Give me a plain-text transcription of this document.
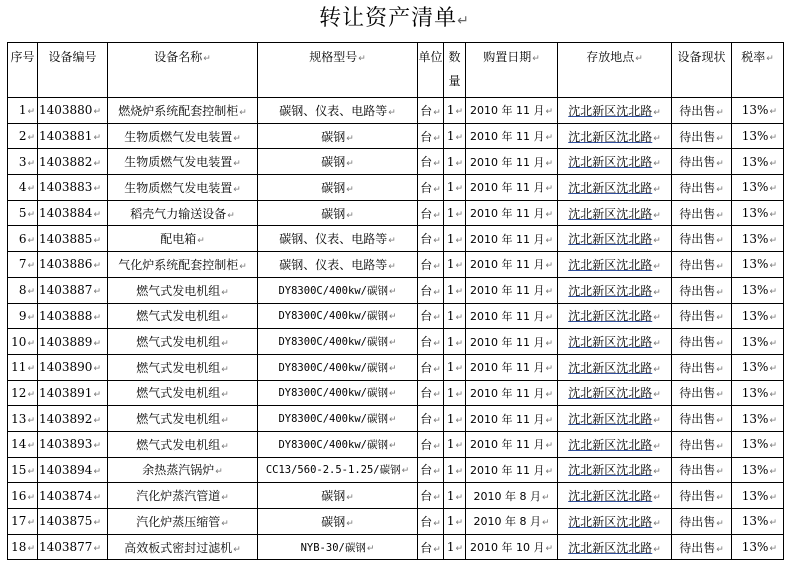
转让资产清单↵
序号	设备编号	设备名称↵	规格型号↵	单位	数量	购置日期↵	存放地点↵	设备现状	税率↵
1↵	1403880↵	燃烧炉系统配套控制柜↵	碳钢、仪表、电路等↵	台↵	1↵	2010 年 11 月↵	沈北新区沈北路↵	待出售↵	13%↵
2↵	1403881↵	生物质燃气发电装置↵	碳钢↵	台↵	1↵	2010 年 11 月↵	沈北新区沈北路↵	待出售↵	13%↵
3↵	1403882↵	生物质燃气发电装置↵	碳钢↵	台↵	1↵	2010 年 11 月↵	沈北新区沈北路↵	待出售↵	13%↵
4↵	1403883↵	生物质燃气发电装置↵	碳钢↵	台↵	1↵	2010 年 11 月↵	沈北新区沈北路↵	待出售↵	13%↵
5↵	1403884↵	稻壳气力输送设备↵	碳钢↵	台↵	1↵	2010 年 11 月↵	沈北新区沈北路↵	待出售↵	13%↵
6↵	1403885↵	配电箱↵	碳钢、仪表、电路等↵	台↵	1↵	2010 年 11 月↵	沈北新区沈北路↵	待出售↵	13%↵
7↵	1403886↵	气化炉系统配套控制柜↵	碳钢、仪表、电路等↵	台↵	1↵	2010 年 11 月↵	沈北新区沈北路↵	待出售↵	13%↵
8↵	1403887↵	燃气式发电机组↵	DY8300C/400kw/碳钢↵	台↵	1↵	2010 年 11 月↵	沈北新区沈北路↵	待出售↵	13%↵
9↵	1403888↵	燃气式发电机组↵	DY8300C/400kw/碳钢↵	台↵	1↵	2010 年 11 月↵	沈北新区沈北路↵	待出售↵	13%↵
10↵	1403889↵	燃气式发电机组↵	DY8300C/400kw/碳钢↵	台↵	1↵	2010 年 11 月↵	沈北新区沈北路↵	待出售↵	13%↵
11↵	1403890↵	燃气式发电机组↵	DY8300C/400kw/碳钢↵	台↵	1↵	2010 年 11 月↵	沈北新区沈北路↵	待出售↵	13%↵
12↵	1403891↵	燃气式发电机组↵	DY8300C/400kw/碳钢↵	台↵	1↵	2010 年 11 月↵	沈北新区沈北路↵	待出售↵	13%↵
13↵	1403892↵	燃气式发电机组↵	DY8300C/400kw/碳钢↵	台↵	1↵	2010 年 11 月↵	沈北新区沈北路↵	待出售↵	13%↵
14↵	1403893↵	燃气式发电机组↵	DY8300C/400kw/碳钢↵	台↵	1↵	2010 年 11 月↵	沈北新区沈北路↵	待出售↵	13%↵
15↵	1403894↵	余热蒸汽锅炉↵	CC13/560-2.5-1.25/碳钢↵	台↵	1↵	2010 年 11 月↵	沈北新区沈北路↵	待出售↵	13%↵
16↵	1403874↵	汽化炉蒸汽管道↵	碳钢↵	台↵	1↵	2010 年 8 月↵	沈北新区沈北路↵	待出售↵	13%↵
17↵	1403875↵	汽化炉蒸压缩管↵	碳钢↵	台↵	1↵	2010 年 8 月↵	沈北新区沈北路↵	待出售↵	13%↵
18↵	1403877↵	高效板式密封过滤机↵	NYB-30/碳钢↵	台↵	1↵	2010 年 10 月↵	沈北新区沈北路↵	待出售↵	13%↵
